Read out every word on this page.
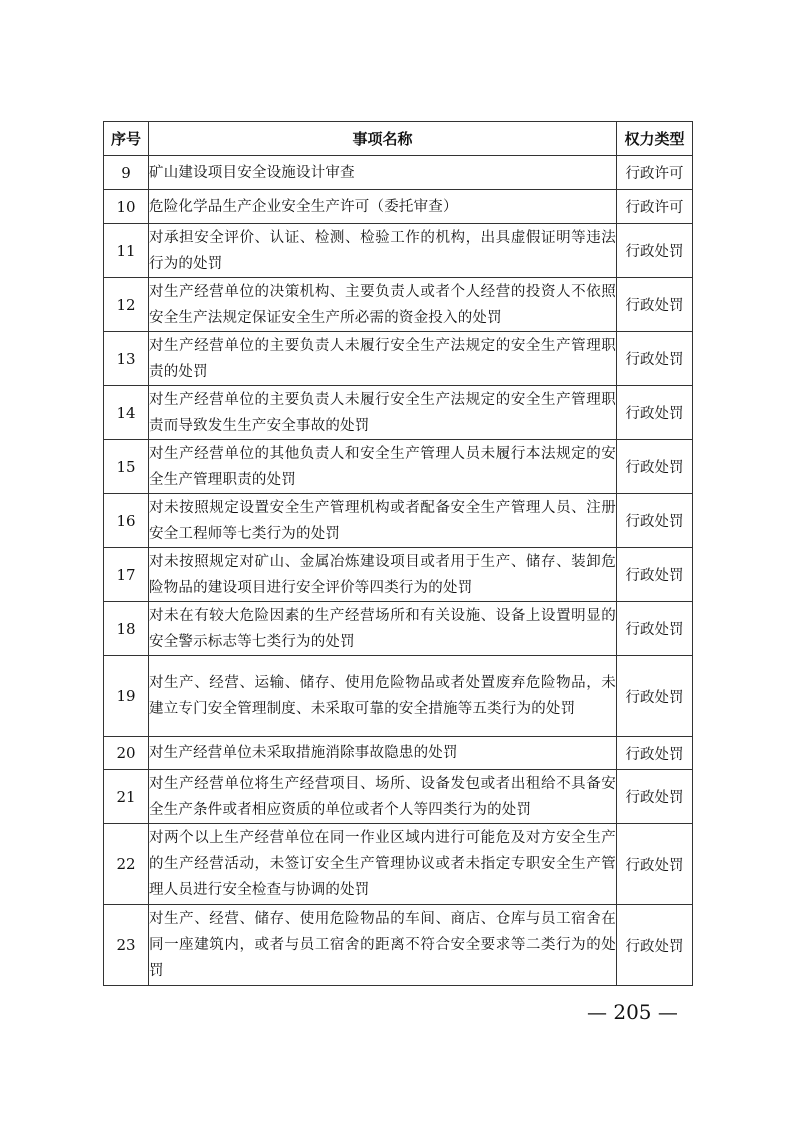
序号	事项名称	权力类型
9	矿山建设项目安全设施设计审查	行政许可
10	危险化学品生产企业安全生产许可（委托审查）	行政许可
11	对承担安全评价、认证、检测、检验工作的机构，出具虚假证明等违法行为的处罚	行政处罚
12	对生产经营单位的决策机构、主要负责人或者个人经营的投资人不依照安全生产法规定保证安全生产所必需的资金投入的处罚	行政处罚
13	对生产经营单位的主要负责人未履行安全生产法规定的安全生产管理职责的处罚	行政处罚
14	对生产经营单位的主要负责人未履行安全生产法规定的安全生产管理职责而导致发生生产安全事故的处罚	行政处罚
15	对生产经营单位的其他负责人和安全生产管理人员未履行本法规定的安全生产管理职责的处罚	行政处罚
16	对未按照规定设置安全生产管理机构或者配备安全生产管理人员、注册安全工程师等七类行为的处罚	行政处罚
17	对未按照规定对矿山、金属冶炼建设项目或者用于生产、储存、装卸危险物品的建设项目进行安全评价等四类行为的处罚	行政处罚
18	对未在有较大危险因素的生产经营场所和有关设施、设备上设置明显的安全警示标志等七类行为的处罚	行政处罚
19	对生产、经营、运输、储存、使用危险物品或者处置废弃危险物品，未建立专门安全管理制度、未采取可靠的安全措施等五类行为的处罚	行政处罚
20	对生产经营单位未采取措施消除事故隐患的处罚	行政处罚
21	对生产经营单位将生产经营项目、场所、设备发包或者出租给不具备安全生产条件或者相应资质的单位或者个人等四类行为的处罚	行政处罚
22	对两个以上生产经营单位在同一作业区域内进行可能危及对方安全生产的生产经营活动，未签订安全生产管理协议或者未指定专职安全生产管理人员进行安全检查与协调的处罚	行政处罚
23	对生产、经营、储存、使用危险物品的车间、商店、仓库与员工宿舍在同一座建筑内，或者与员工宿舍的距离不符合安全要求等二类行为的处罚	行政处罚
— 205 —
